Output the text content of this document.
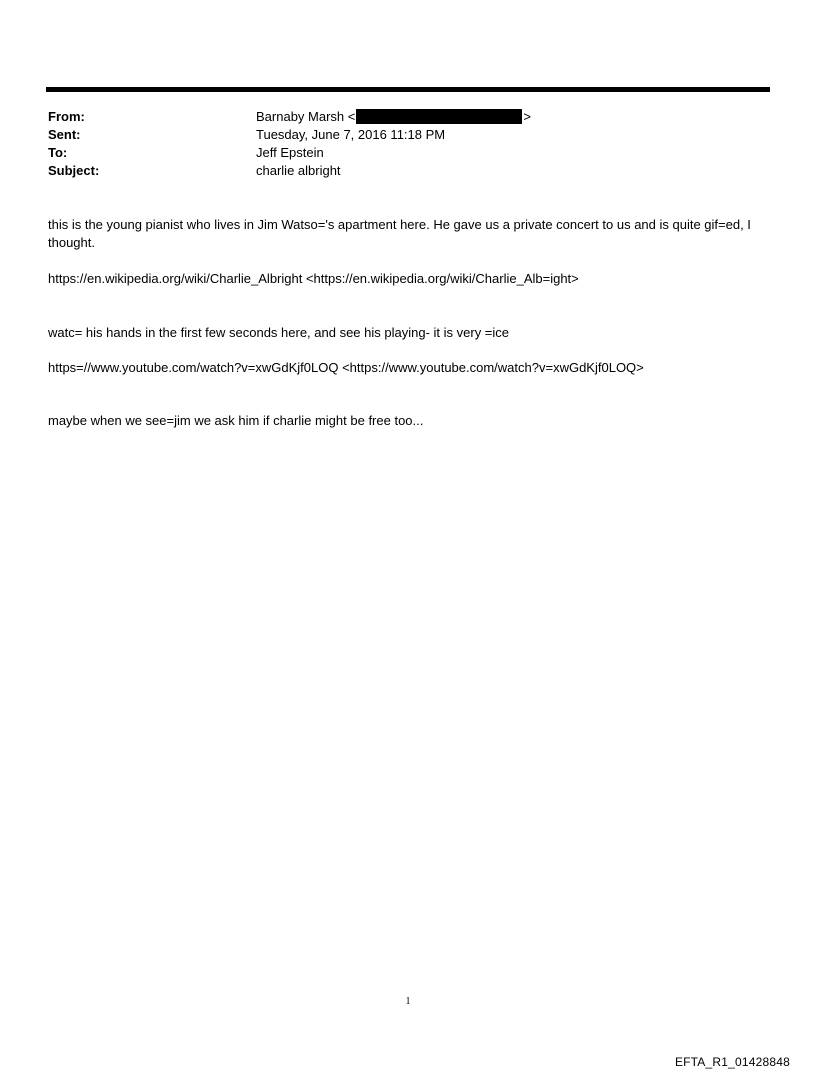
From:	Barnaby Marsh <	>
Sent:	Tuesday, June 7, 2016 11:18 PM
To:	Jeff Epstein
Subject:	charlie albright
this is the young pianist who lives in Jim Watso='s apartment here. He gave us a private concert to us and is quite gif=ed, I thought.
https://en.wikipedia.org/wiki/Charlie_Albright <https://en.wikipedia.org/wiki/Charlie_Alb=ight>
watc= his hands in the first few seconds here, and see his playing- it is very =ice
https=//www.youtube.com/watch?v=xwGdKjf0LOQ <https://www.youtube.com/watch?v=xwGdKjf0LOQ>
maybe when we see=jim we ask him if charlie might be free too...
1
EFTA_R1_01428848
